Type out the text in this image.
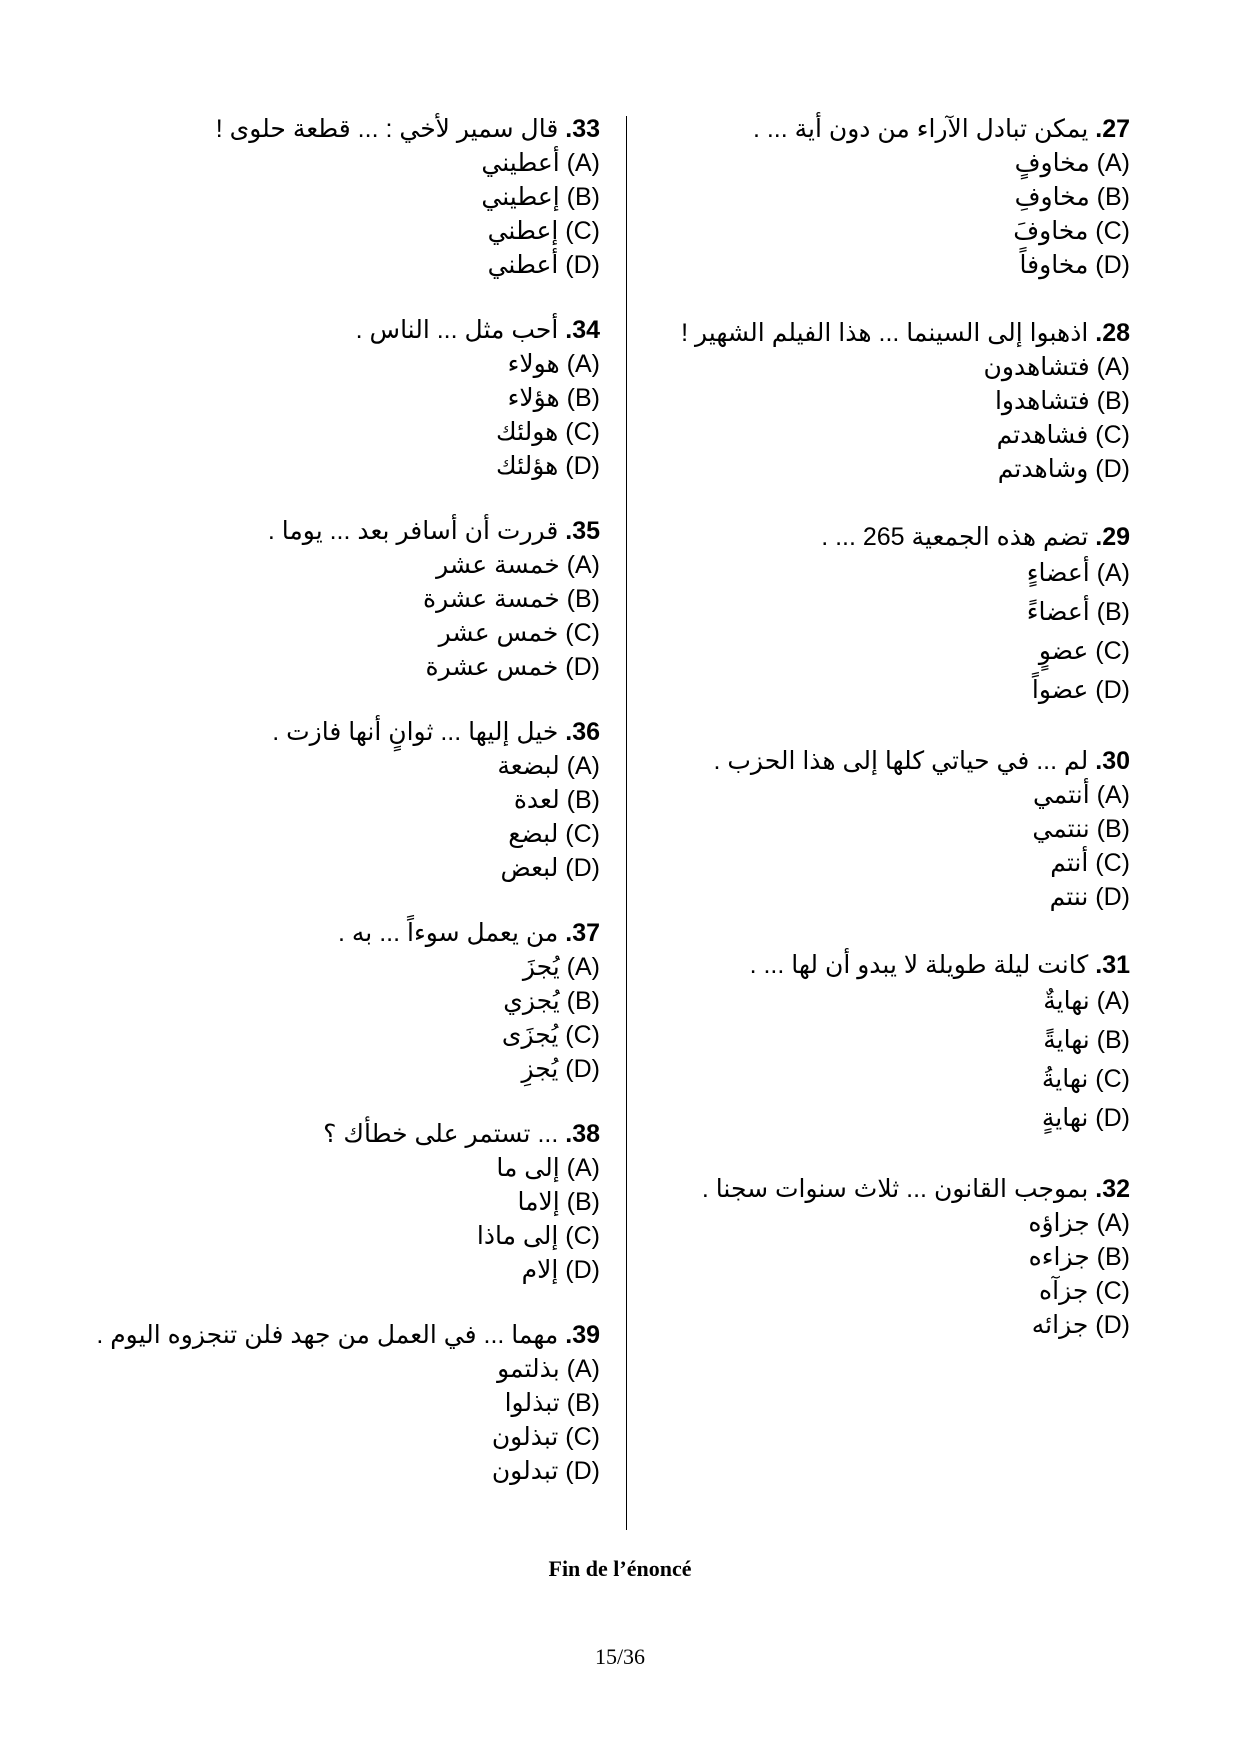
27. يمكن تبادل الآراء من دون أية ... .
(A) مخاوفٍ
(B) مخاوفِ
(C) مخاوفَ
(D) مخاوفاً
28. اذهبوا إلى السينما ... هذا الفيلم الشهير !
(A) فتشاهدون
(B) فتشاهدوا
(C) فشاهدتم
(D) وشاهدتم
29. تضم هذه الجمعية 265 ... .
(A) أعضاءٍ
(B) أعضاءً
(C) عضوٍ
(D) عضواً
30. لم ... في حياتي كلها إلى هذا الحزب .
(A) أنتمي
(B) ننتمي
(C) أنتم
(D) ننتم
31. كانت ليلة طويلة لا يبدو أن لها ... .
(A) نهايةٌ
(B) نهايةً
(C) نهايةُ
(D) نهايةٍ
32. بموجب القانون ... ثلاث سنوات سجنا .
(A) جزاؤه
(B) جزاءه
(C) جزآه
(D) جزائه
33. قال سمير لأخي : ... قطعة حلوى !
(A) أعطيني
(B) إعطيني
(C) إعطني
(D) أعطني
34. أحب مثل ... الناس .
(A) هولاء
(B) هؤلاء
(C) هولئك
(D) هؤلئك
35. قررت أن أسافر بعد ... يوما .
(A) خمسة عشر
(B) خمسة عشرة
(C) خمس عشر
(D) خمس عشرة
36. خيل إليها ... ثوانٍ أنها فازت .
(A) لبضعة
(B) لعدة
(C) لبضع
(D) لبعض
37. من يعمل سوءاً ... به .
(A) يُجزَ
(B) يُجزي
(C) يُجزَى
(D) يُجزِ
38. ... تستمر على خطأك ؟
(A) إلى ما
(B) إلاما
(C) إلى ماذا
(D) إلام
39. مهما ... في العمل من جهد فلن تنجزوه اليوم .
(A) بذلتمو
(B) تبذلوا
(C) تبذلون
(D) تبدلون
Fin de l’énoncé
15/36
